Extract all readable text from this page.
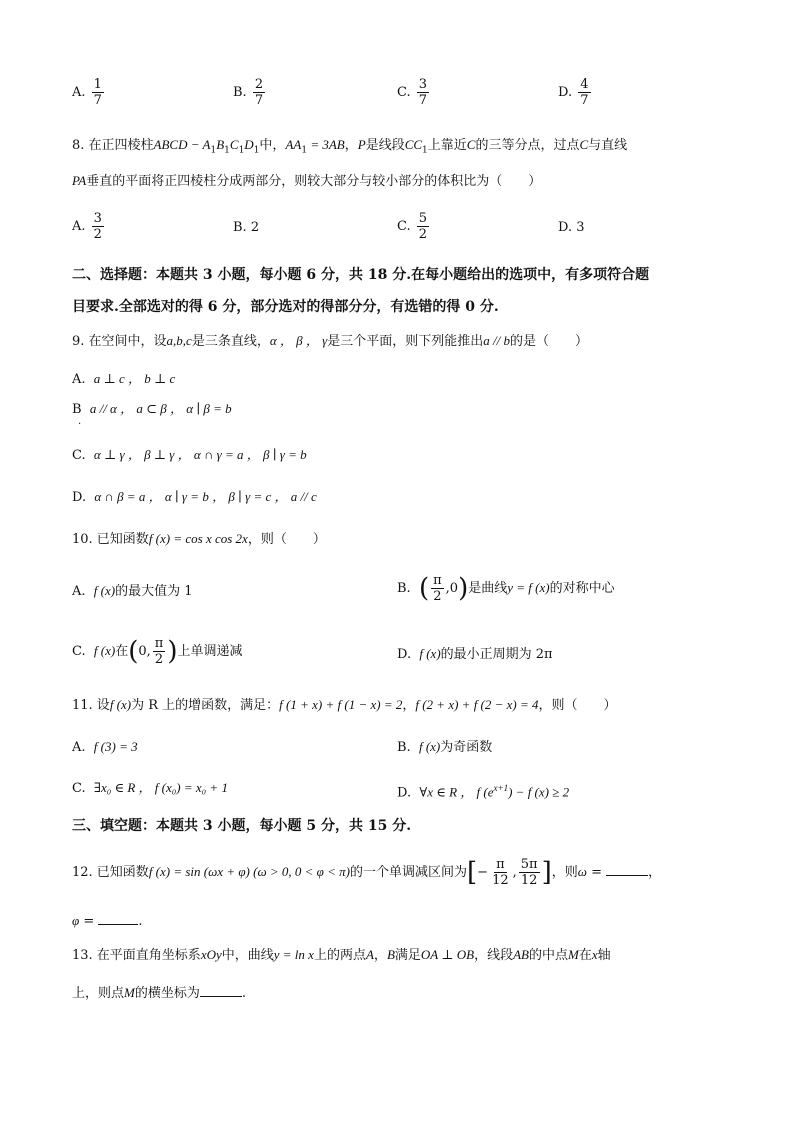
A. $\frac{1}{7}$	B. $\frac{2}{7}$	C. $\frac{3}{7}$	D. $\frac{4}{7}$
8. 在正四棱柱ABCD − $A_1B_1C_1D_1$中，$AA_1 = 3AB$，P是线段$CC_1$上靠近C的三等分点，过点C与直线
PA垂直的平面将正四棱柱分成两部分，则较大部分与较小部分的体积比为（　　）
A. $\frac{3}{2}$	B. 2	C. $\frac{5}{2}$	D. 3
二、选择题：本题共 3 小题，每小题 6 分，共 18 分.在每小题给出的选项中，有多项符合题
目要求.全部选对的得 6 分，部分选对的得部分分，有选错的得 0 分.
9. 在空间中，设a,b,c是三条直线，α ， β ， γ是三个平面，则下列能推出a // b的是（　　）
A. a ⊥ c ， b ⊥ c
B a // α ， a ⊂ β ， α ∣ β = b
.
C. α ⊥ γ ， β ⊥ γ ， α ∩ γ = a ， β ∣ γ = b
D. α ∩ β = a ， α ∣ γ = b ， β ∣ γ = c ， a // c
10. 已知函数f (x) = cos x cos 2x，则（　　）
A. f (x)的最大值为 1	B. ( $\frac{\pi}{2} ,0$)是曲线y = f (x)的对称中心
C. f (x)在(0, $\frac{\pi}{2}$ )上单调递减	D. f (x)的最小正周期为 2π
11. 设f (x)为 R 上的增函数，满足：f (1 + x) + f (1 − x) = 2，f (2 + x) + f (2 − x) = 4，则（　　）
A. f (3) = 3	B. f (x)为奇函数
C. ∃x₀ ∈ R ， f (x₀) = x₀ + 1	D. ∀x ∈ R ， f $(e^{x+1}) - f$ (x) ≥ 2
三、填空题：本题共 3 小题，每小题 5 分，共 15 分.
12. 已知函数f (x) = sin (ωx + φ) (ω > 0, 0 < φ < π)的一个单调减区间为[− $\frac{\pi}{12}$ , $\frac{5\pi}{12}$ ]，则ω =	，
φ =	.
13. 在平面直角坐标系xOy中，曲线y = ln x上的两点A，B满足OA ⊥ OB，线段AB的中点M在x轴
上，则点M的横坐标为	.
